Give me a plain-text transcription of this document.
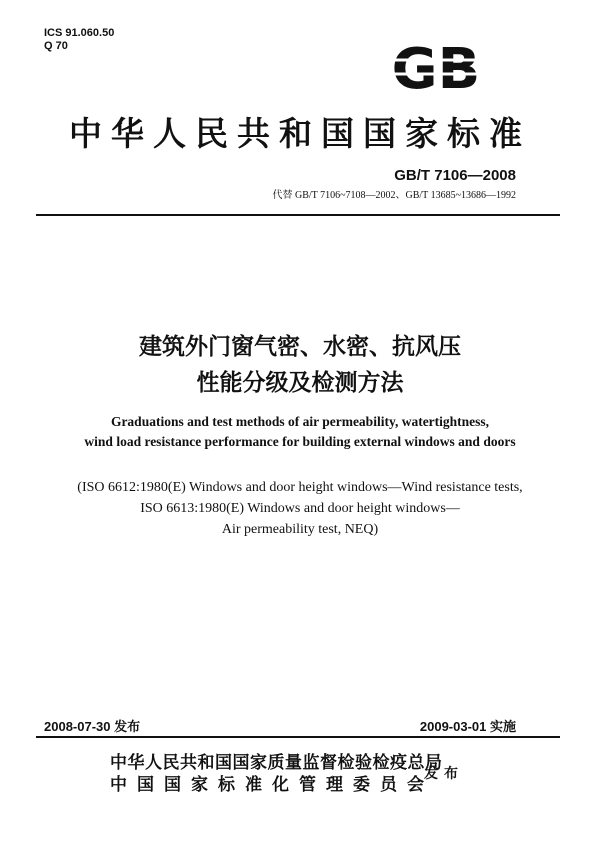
ICS 91.060.50
Q 70	GB
中华人民共和国国家标准
GB/T 7106—2008
代替 GB/T 7106~7108—2002、GB/T 13685~13686—1992
建筑外门窗气密、水密、抗风压
性能分级及检测方法
Graduations and test methods of air permeability, watertightness,
wind load resistance performance for building external windows and doors
(ISO 6612:1980(E) Windows and door height windows—Wind resistance tests,
ISO 6613:1980(E) Windows and door height windows—
Air permeability test, NEQ)
2008-07-30 发布	2009-03-01 实施
中华人民共和国国家质量监督检验检疫总局
中国国家标准化管理委员会
发布
